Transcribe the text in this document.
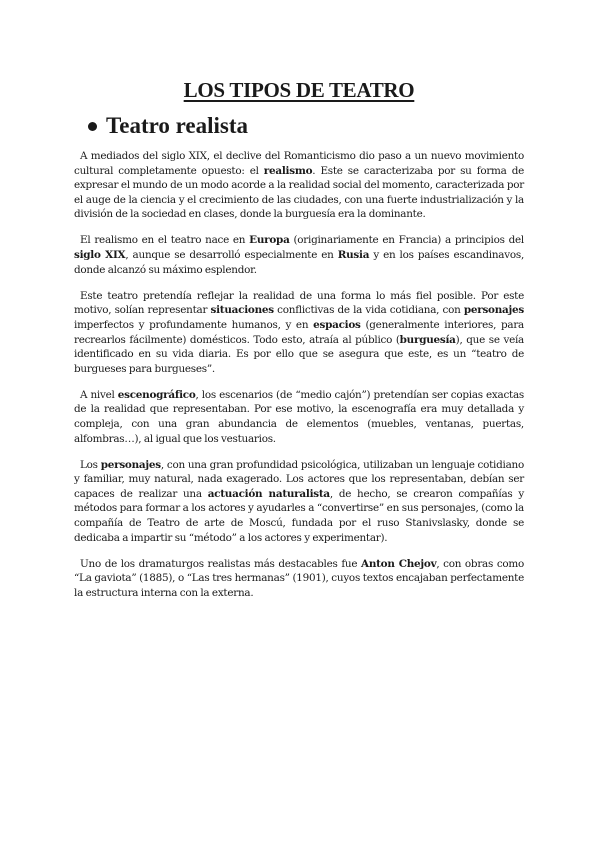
LOS TIPOS DE TEATRO
Teatro realista

A mediados del siglo XIX, el declive del Romanticismo dio paso a un nuevo movimiento cultural completamente opuesto: el realismo. Este se caracterizaba por su forma de expresar el mundo de un modo acorde a la realidad social del momento, caracterizada por el auge de la ciencia y el crecimiento de las ciudades, con una fuerte industrialización y la división de la sociedad en clases, donde la burguesía era la dominante.

El realismo en el teatro nace en Europa (originariamente en Francia) a principios del siglo XIX, aunque se desarrolló especialmente en Rusia y en los países escandinavos, donde alcanzó su máximo esplendor.

Este teatro pretendía reflejar la realidad de una forma lo más fiel posible. Por este motivo, solían representar situaciones conflictivas de la vida cotidiana, con personajes imperfectos y profundamente humanos, y en espacios (generalmente interiores, para recrearlos fácilmente) domésticos. Todo esto, atraía al público (burguesía), que se veía identificado en su vida diaria. Es por ello que se asegura que este, es un “teatro de burgueses para burgueses”.

A nivel escenográfico, los escenarios (de “medio cajón”) pretendían ser copias exactas de la realidad que representaban. Por ese motivo, la escenografía era muy detallada y compleja, con una gran abundancia de elementos (muebles, ventanas, puertas, alfombras…), al igual que los vestuarios.

Los personajes, con una gran profundidad psicológica, utilizaban un lenguaje cotidiano y familiar, muy natural, nada exagerado. Los actores que los representaban, debían ser capaces de realizar una actuación naturalista, de hecho, se crearon compañías y métodos para formar a los actores y ayudarles a “convertirse” en sus personajes, (como la compañía de Teatro de arte de Moscú, fundada por el ruso Stanivslasky, donde se dedicaba a impartir su “método” a los actores y experimentar).

Uno de los dramaturgos realistas más destacables fue Anton Chejov, con obras como “La gaviota” (1885), o “Las tres hermanas” (1901), cuyos textos encajaban perfectamente la estructura interna con la externa.
